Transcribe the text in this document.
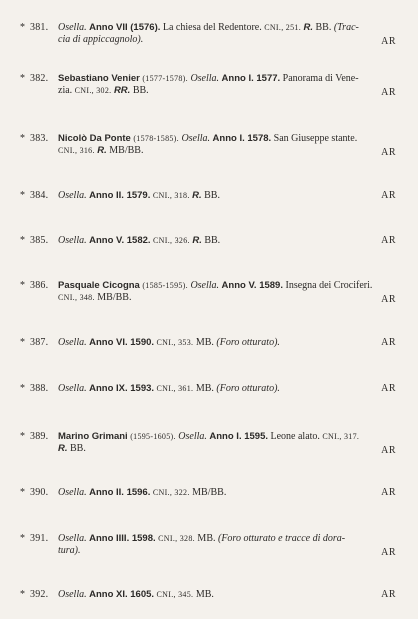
* 381. Osella. Anno VII (1576). La chiesa del Redentore. CNI., 251. R. BB. (Trac-
cia di appiccagnolo).	AR
* 382. Sebastiano Venier (1577-1578). Osella. Anno I. 1577. Panorama di Vene-
zia. CNI., 302. RR. BB.	AR
* 383. Nicolò Da Ponte (1578-1585). Osella. Anno I. 1578. San Giuseppe stante.
CNI., 316. R. MB/BB.	AR
* 384. Osella. Anno II. 1579. CNI., 318. R. BB.	AR
* 385. Osella. Anno V. 1582. CNI., 326. R. BB.	AR
* 386. Pasquale Cicogna (1585-1595). Osella. Anno V. 1589. Insegna dei Crociferi.
CNI., 348. MB/BB.	AR
* 387. Osella. Anno VI. 1590. CNI., 353. MB. (Foro otturato).	AR
* 388. Osella. Anno IX. 1593. CNI., 361. MB. (Foro otturato).	AR
* 389. Marino Grimani (1595-1605). Osella. Anno I. 1595. Leone alato. CNI., 317.
R. BB.	AR
* 390. Osella. Anno II. 1596. CNI., 322. MB/BB.	AR
* 391. Osella. Anno IIII. 1598. CNI., 328. MB. (Foro otturato e tracce di dora-
tura).	AR
* 392. Osella. Anno XI. 1605. CNI., 345. MB.	AR
